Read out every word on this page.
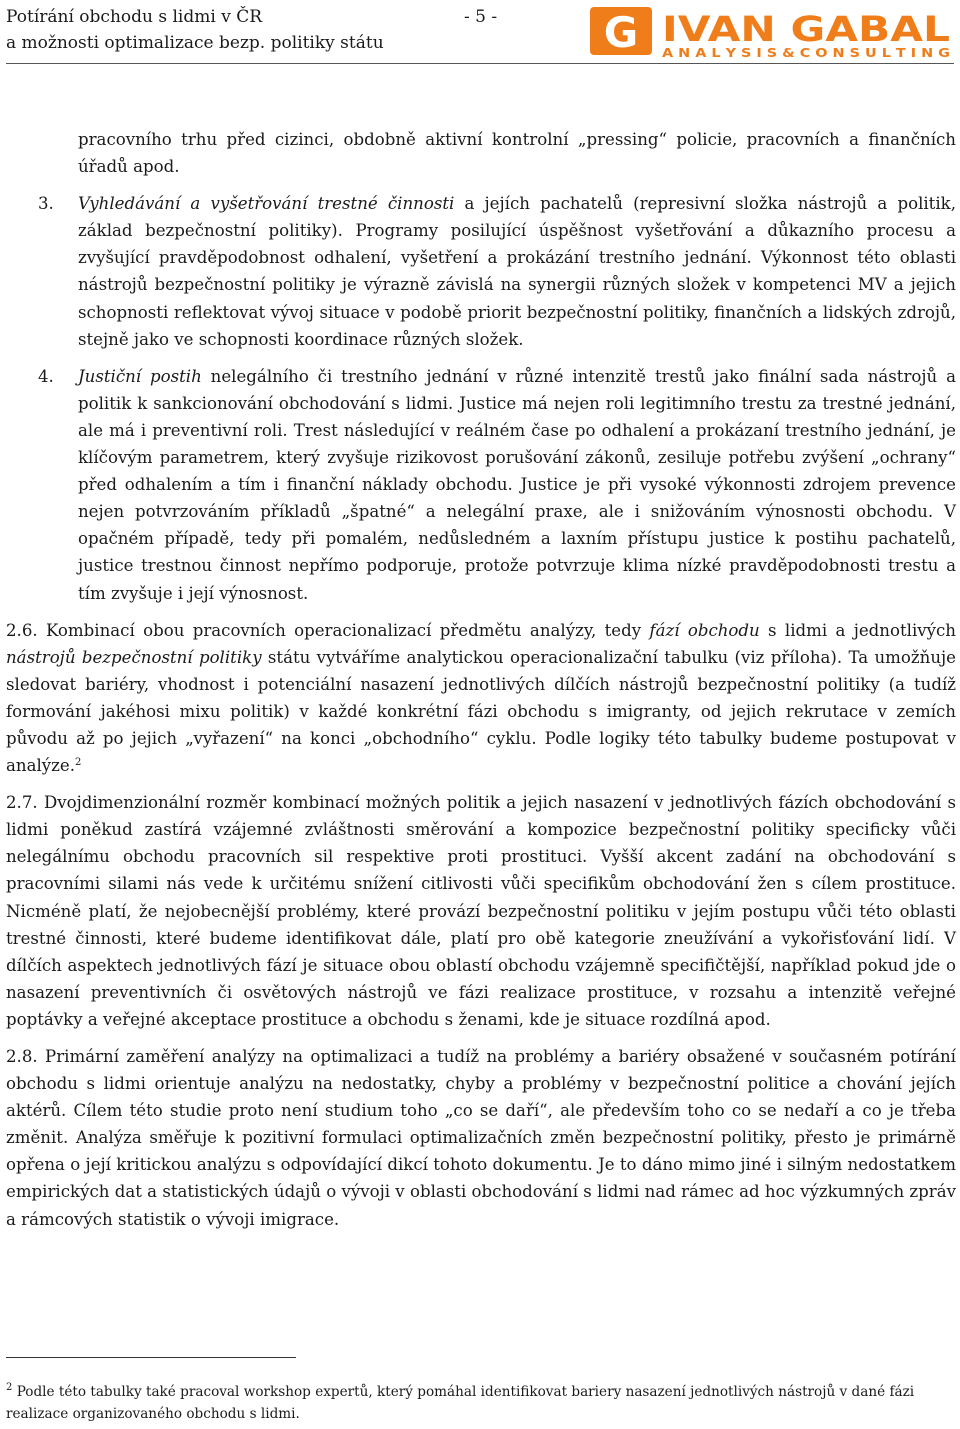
Potírání obchodu s lidmi v ČR
a možnosti optimalizace bezp. politiky státu
- 5 -	G IVAN GABAL
A N A L Y S I S & C O N S U L T I N G

pracovního trhu před cizinci, obdobně aktivní kontrolní „pressing“ policie, pracovních a finančních úřadů apod.

3. Vyhledávání a vyšetřování trestné činnosti a jejích pachatelů (represivní složka nástrojů a politik, základ bezpečnostní politiky). Programy posilující úspěšnost vyšetřování a důkazního procesu a zvyšující pravděpodobnost odhalení, vyšetření a prokázání trestního jednání. Výkonnost této oblasti nástrojů bezpečnostní politiky je výrazně závislá na synergii různých složek v kompetenci MV a jejich schopnosti reflektovat vývoj situace v podobě priorit bezpečnostní politiky, finančních a lidských zdrojů, stejně jako ve schopnosti koordinace různých složek.

4. Justiční postih nelegálního či trestního jednání v různé intenzitě trestů jako finální sada nástrojů a politik k sankcionování obchodování s lidmi. Justice má nejen roli legitimního trestu za trestné jednání, ale má i preventivní roli. Trest následující v reálném čase po odhalení a prokázaní trestního jednání, je klíčovým parametrem, který zvyšuje rizikovost porušování zákonů, zesiluje potřebu zvýšení „ochrany“ před odhalením a tím i finanční náklady obchodu. Justice je při vysoké výkonnosti zdrojem prevence nejen potvrzováním příkladů „špatné“ a nelegální praxe, ale i snižováním výnosnosti obchodu. V opačném případě, tedy při pomalém, nedůsledném a laxním přístupu justice k postihu pachatelů, justice trestnou činnost nepřímo podporuje, protože potvrzuje klima nízké pravděpodobnosti trestu a tím zvyšuje i její výnosnost.

2.6. Kombinací obou pracovních operacionalizací předmětu analýzy, tedy fází obchodu s lidmi a jednotlivých nástrojů bezpečnostní politiky státu vytváříme analytickou operacionalizační tabulku (viz příloha). Ta umožňuje sledovat bariéry, vhodnost i potenciální nasazení jednotlivých dílčích nástrojů bezpečnostní politiky (a tudíž formování jakéhosi mixu politik) v každé konkrétní fázi obchodu s imigranty, od jejich rekrutace v zemích původu až po jejich „vyřazení“ na konci „obchodního“ cyklu. Podle logiky této tabulky budeme postupovat v analýze.$^2$

2.7. Dvojdimenzionální rozměr kombinací možných politik a jejich nasazení v jednotlivých fázích obchodování s lidmi poněkud zastírá vzájemné zvláštnosti směrování a kompozice bezpečnostní politiky specificky vůči nelegálnímu obchodu pracovních sil respektive proti prostituci. Vyšší akcent zadání na obchodování s pracovními silami nás vede k určitému snížení citlivosti vůči specifikům obchodování žen s cílem prostituce. Nicméně platí, že nejobecnější problémy, které provází bezpečnostní politiku v jejím postupu vůči této oblasti trestné činnosti, které budeme identifikovat dále, platí pro obě kategorie zneužívání a vykořisťování lidí. V dílčích aspektech jednotlivých fází je situace obou oblastí obchodu vzájemně specifičtější, například pokud jde o nasazení preventivních či osvětových nástrojů ve fázi realizace prostituce, v rozsahu a intenzitě veřejné poptávky a veřejné akceptace prostituce a obchodu s ženami, kde je situace rozdílná apod.

2.8. Primární zaměření analýzy na optimalizaci a tudíž na problémy a bariéry obsažené v současném potírání obchodu s lidmi orientuje analýzu na nedostatky, chyby a problémy v bezpečnostní politice a chování jejích aktérů. Cílem této studie proto není studium toho „co se daří“, ale především toho co se nedaří a co je třeba změnit. Analýza směřuje k pozitivní formulaci optimalizačních změn bezpečnostní politiky, přesto je primárně opřena o její kritickou analýzu s odpovídající dikcí tohoto dokumentu. Je to dáno mimo jiné i silným nedostatkem empirických dat a statistických údajů o vývoji v oblasti obchodování s lidmi nad rámec ad hoc výzkumných zpráv a rámcových statistik o vývoji imigrace.

$^2$ Podle této tabulky také pracoval workshop expertů, který pomáhal identifikovat bariery nasazení jednotlivých nástrojů v dané fázi realizace organizovaného obchodu s lidmi.
